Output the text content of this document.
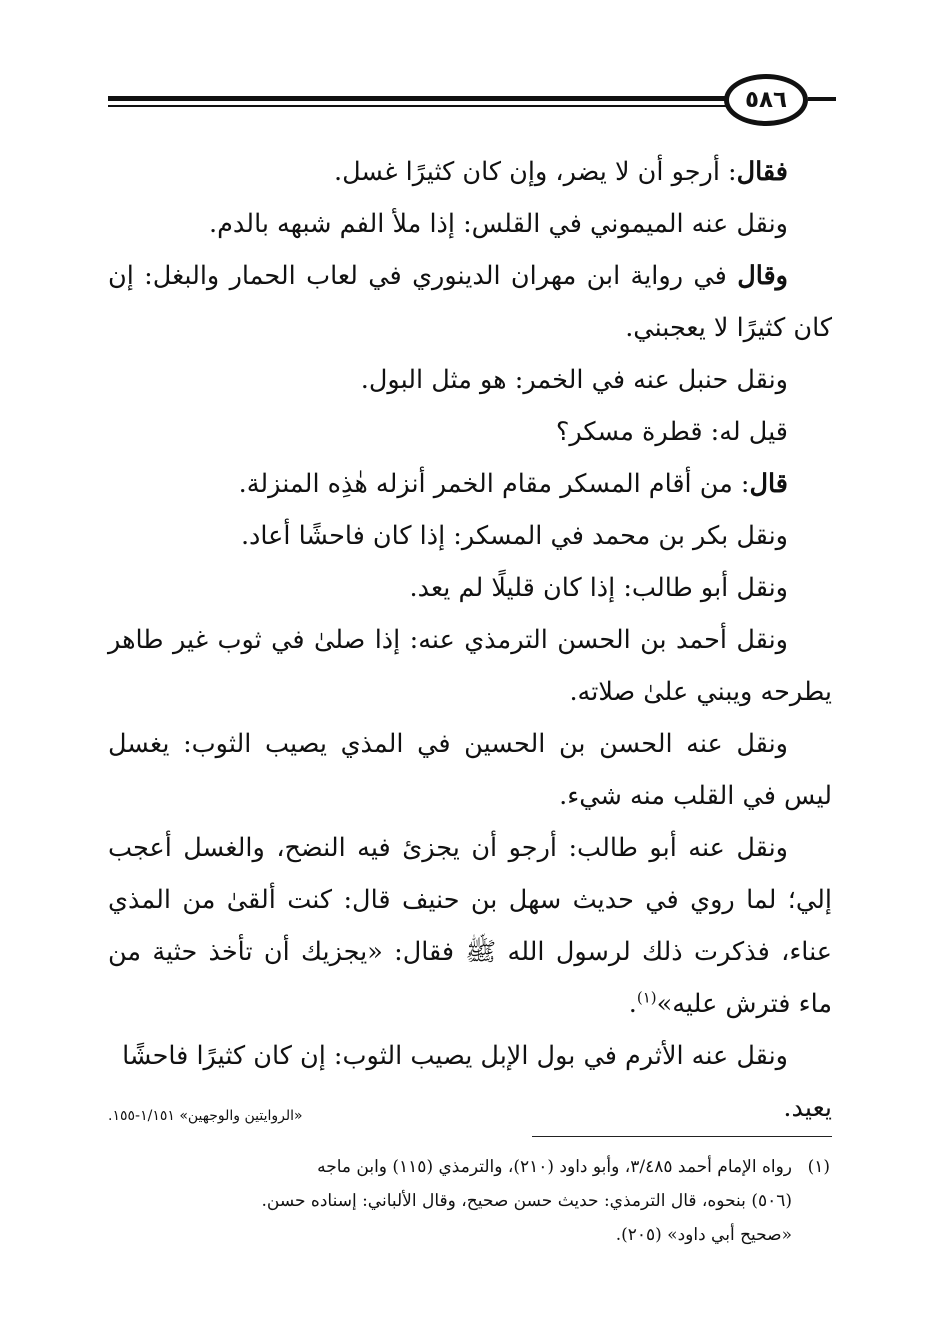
٥٨٦

فقال: أرجو أن لا يضر، وإن كان كثيرًا غسل.

ونقل عنه الميموني في القلس: إذا ملأ الفم شبهه بالدم.

وقال في رواية ابن مهران الدينوري في لعاب الحمار والبغل: إن كان كثيرًا لا يعجبني.

ونقل حنبل عنه في الخمر: هو مثل البول.

قيل له: قطرة مسكر؟

قال: من أقام المسكر مقام الخمر أنزله هٰذِه المنزلة.

ونقل بكر بن محمد في المسكر: إذا كان فاحشًا أعاد.

ونقل أبو طالب: إذا كان قليلًا لم يعد.

ونقل أحمد بن الحسن الترمذي عنه: إذا صلىٰ في ثوب غير طاهر يطرحه ويبني علىٰ صلاته.

ونقل عنه الحسن بن الحسين في المذي يصيب الثوب: يغسل ليس في القلب منه شيء.

ونقل عنه أبو طالب: أرجو أن يجزئ فيه النضح، والغسل أعجب إلي؛ لما روي في حديث سهل بن حنيف قال: كنت ألقىٰ من المذي عناء، فذكرت ذلك لرسول الله ﷺ فقال: «يجزيك أن تأخذ حثية من ماء فترش عليه»$^{(١)}$.

ونقل عنه الأثرم في بول الإبل يصيب الثوب: إن كان كثيرًا فاحشًا

يعيد.
«الروايتين والوجهين» ١/١٥١-١٥٥.
(١)رواه الإمام أحمد ٣/٤٨٥، وأبو داود (٢١٠)، والترمذي (١١٥) وابن ماجه
(٥٠٦) بنحوه، قال الترمذي: حديث حسن صحيح، وقال الألباني: إسناده حسن.
«صحيح أبي داود» (٢٠٥).
